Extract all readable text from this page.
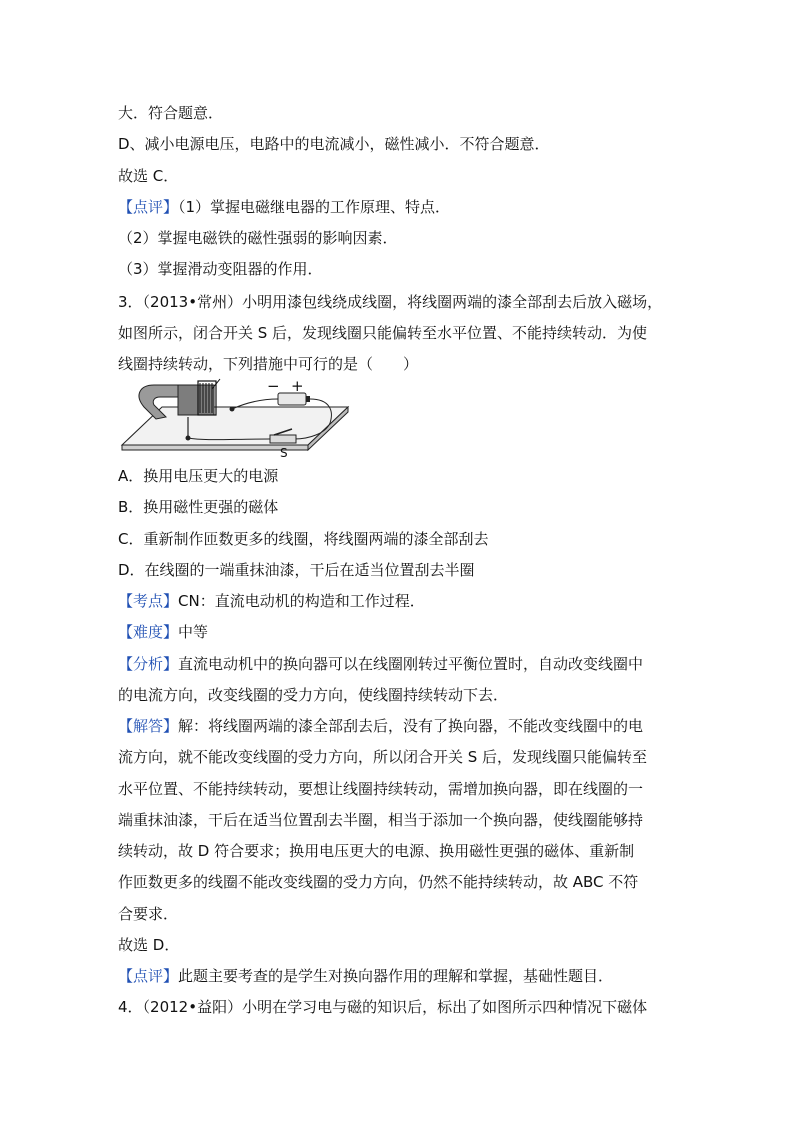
大．符合题意．
D、减小电源电压，电路中的电流减小，磁性减小．不符合题意．
故选 C．
【点评】（1）掌握电磁继电器的工作原理、特点．
（2）掌握电磁铁的磁性强弱的影响因素．
（3）掌握滑动变阻器的作用．
3．（2013•常州）小明用漆包线绕成线圈，将线圈两端的漆全部刮去后放入磁场，
如图所示，闭合开关 S 后，发现线圈只能偏转至水平位置、不能持续转动．为使
线圈持续转动，下列措施中可行的是（　　）
− +
S
A．换用电压更大的电源
B．换用磁性更强的磁体
C．重新制作匝数更多的线圈，将线圈两端的漆全部刮去
D．在线圈的一端重抹油漆，干后在适当位置刮去半圈
【考点】CN：直流电动机的构造和工作过程．
【难度】中等
【分析】直流电动机中的换向器可以在线圈刚转过平衡位置时，自动改变线圈中
的电流方向，改变线圈的受力方向，使线圈持续转动下去．
【解答】解：将线圈两端的漆全部刮去后，没有了换向器，不能改变线圈中的电
流方向，就不能改变线圈的受力方向，所以闭合开关 S 后，发现线圈只能偏转至
水平位置、不能持续转动，要想让线圈持续转动，需增加换向器，即在线圈的一
端重抹油漆，干后在适当位置刮去半圈，相当于添加一个换向器，使线圈能够持
续转动，故 D 符合要求；换用电压更大的电源、换用磁性更强的磁体、重新制
作匝数更多的线圈不能改变线圈的受力方向，仍然不能持续转动，故 ABC 不符
合要求．
故选 D．
【点评】此题主要考查的是学生对换向器作用的理解和掌握，基础性题目．
4．（2012•益阳）小明在学习电与磁的知识后，标出了如图所示四种情况下磁体
